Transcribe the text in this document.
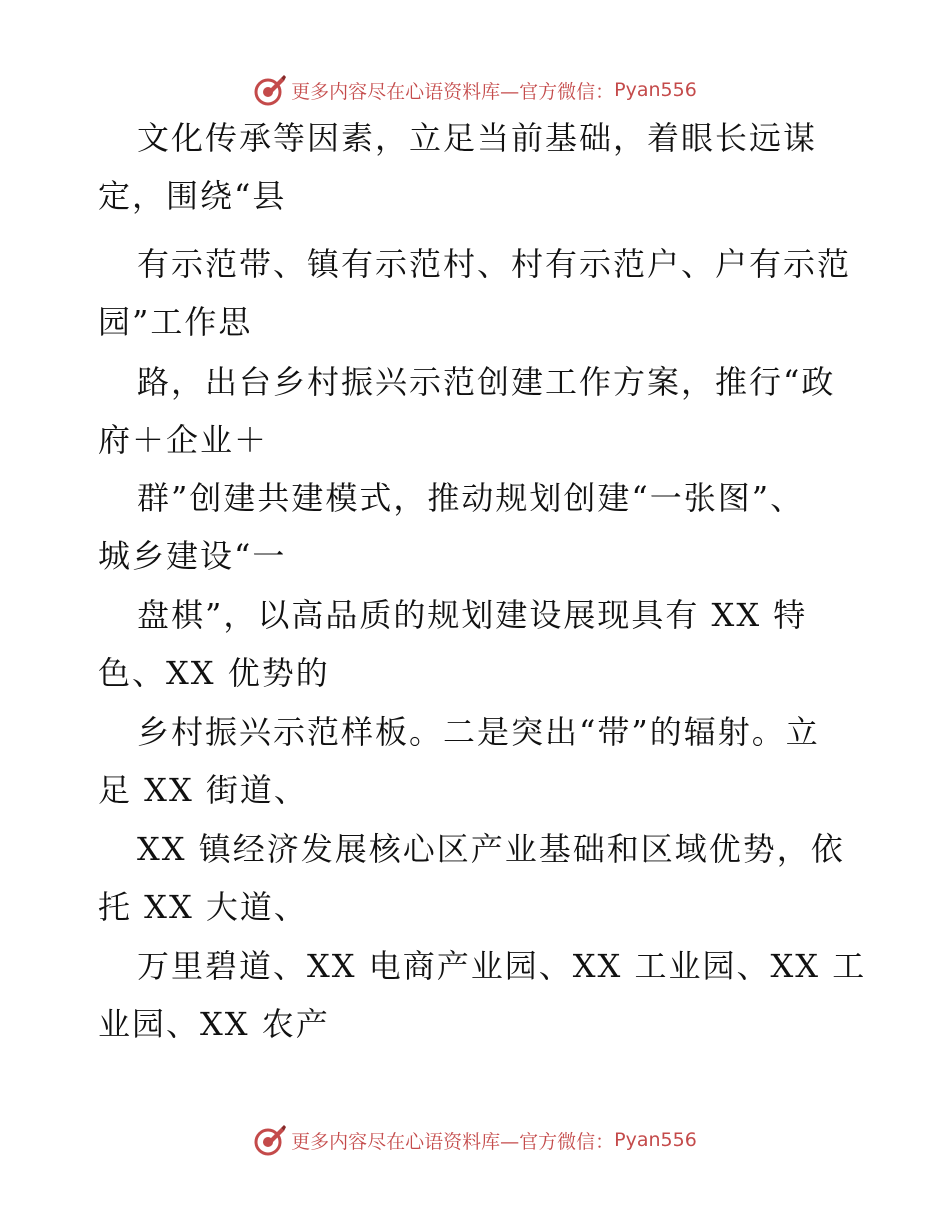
更多内容尽在心语资料库—官方微信： Pyan556
文化传承等因素，立足当前基础，着眼长远谋
定，围绕“县
有示范带、镇有示范村、村有示范户、户有示范
园”工作思
路，出台乡村振兴示范创建工作方案，推行“政
府＋企业＋
群”创建共建模式，推动规划创建“一张图”、
城乡建设“一
盘棋”，以高品质的规划建设展现具有 XX 特
色、XX 优势的
乡村振兴示范样板。二是突出“带”的辐射。立
足 XX 街道、
XX 镇经济发展核心区产业基础和区域优势，依
托 XX 大道、
万里碧道、XX 电商产业园、XX 工业园、XX 工
业园、XX 农产
更多内容尽在心语资料库—官方微信： Pyan556
